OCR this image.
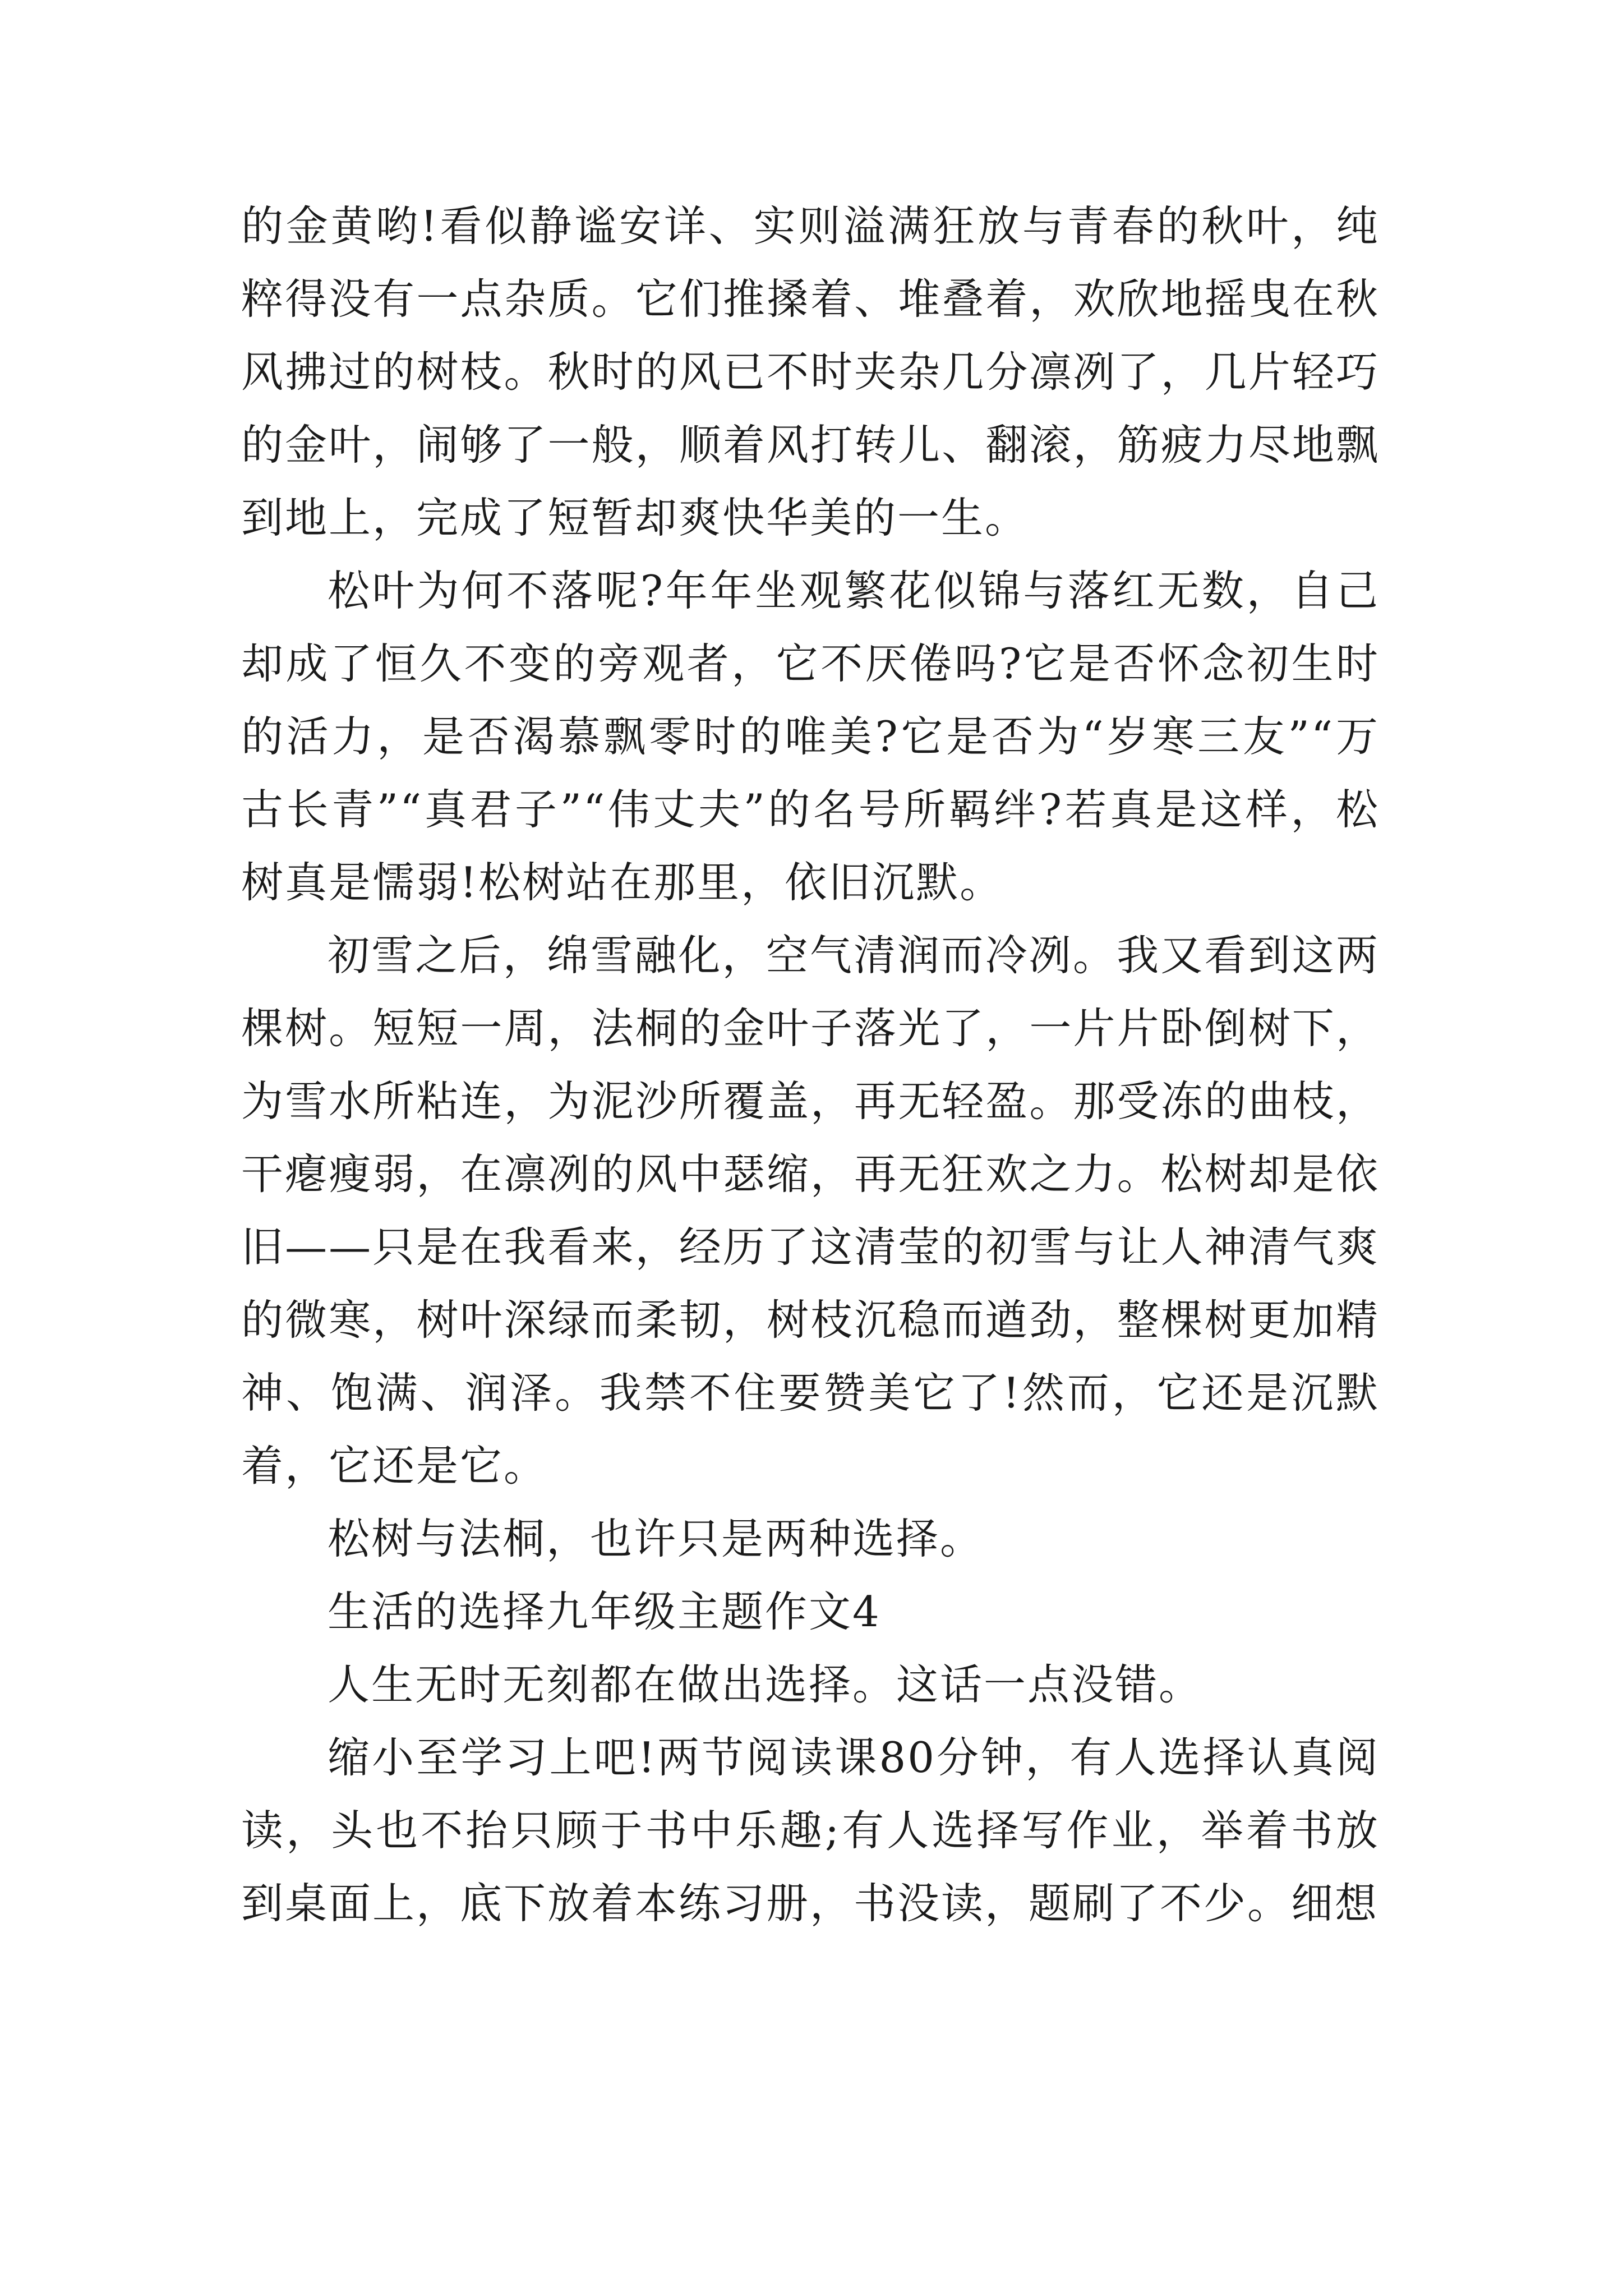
的金黄哟!看似静谧安详、实则溢满狂放与青春的秋叶，纯粹得没有一点杂质。它们推搡着、堆叠着，欢欣地摇曳在秋风拂过的树枝。秋时的风已不时夹杂几分凛冽了，几片轻巧的金叶，闹够了一般，顺着风打转儿、翻滚，筋疲力尽地飘到地上，完成了短暂却爽快华美的一生。

松叶为何不落呢?年年坐观繁花似锦与落红无数，自己却成了恒久不变的旁观者，它不厌倦吗?它是否怀念初生时的活力，是否渴慕飘零时的唯美?它是否为“岁寒三友”“万古长青”“真君子”“伟丈夫”的名号所羁绊?若真是这样，松树真是懦弱!松树站在那里，依旧沉默。

初雪之后，绵雪融化，空气清润而冷冽。我又看到这两棵树。短短一周，法桐的金叶子落光了，一片片卧倒树下，为雪水所粘连，为泥沙所覆盖，再无轻盈。那受冻的曲枝，干瘪瘦弱，在凛冽的风中瑟缩，再无狂欢之力。松树却是依旧——只是在我看来，经历了这清莹的初雪与让人神清气爽的微寒，树叶深绿而柔韧，树枝沉稳而遒劲，整棵树更加精神、饱满、润泽。我禁不住要赞美它了!然而，它还是沉默着，它还是它。

松树与法桐，也许只是两种选择。

生活的选择九年级主题作文4

人生无时无刻都在做出选择。这话一点没错。

缩小至学习上吧!两节阅读课80分钟，有人选择认真阅读，头也不抬只顾于书中乐趣;有人选择写作业，举着书放到桌面上，底下放着本练习册，书没读，题刷了不少。细想
